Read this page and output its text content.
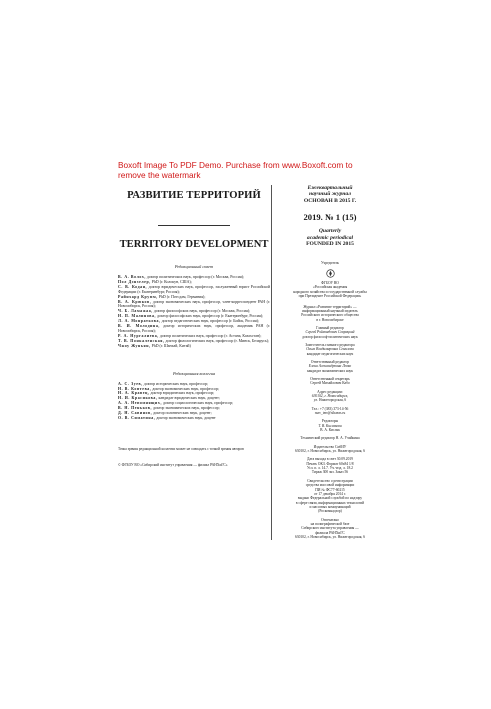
Boxoft Image To PDF Demo. Purchase from www.Boxoft.com to remove the watermark
РАЗВИТИЕ ТЕРРИТОРИЙ
TERRITORY DEVELOPMENT
Редакционный совет
В. А. Волох, доктор политических наук, профессор (г. Москва, Россия);
Пол Дэнзелер, PhD (г. Колокун, США);
С. В. Кодан, доктор юридических наук, профессор, заслуженный юрист Российской Федерации (г. Екатеринбург, Россия);
Райнхард Крумм, PhD (г. Потсдам, Германия);
В. А. Крюков, доктор экономических наук, профессор, член-корреспондент РАН (г. Новосибирск, Россия);
Ч. Б. Ламажаа, доктор философских наук, профессор (г. Москва, Россия);
Н. П. Малинова, доктор философских наук, профессор (г. Екатеринбург, Россия);
Л. А. Монраткова, доктор педагогических наук, профессор (г. Бийск, Россия);
В. И. Молодина, доктор исторических наук, профессор, академик РАН (г. Новосибирск, Россия);
Р. А. Нургалиева, доктор политических наук, профессор (г. Астана, Казахстан);
Т. В. Понкаленская, доктор филологических наук, профессор (г. Минск, Беларусь);
Чжоу Жуньян, PhD (г. Шанхай, Китай)
Редакционная коллегия
А. С. Зуев, доктор исторических наук, профессор;
Н. В. Коптева, доктор экономических наук, профессор;
Н. А. Кравец, доктор юридических наук, профессор;
Н. И. Красикова, кандидат юридических наук, доцент;
А. А. Непомнящих, доктор социологических наук, профессор;
В. Н. Пеньков, доктор экономических наук, профессор;
Д. Н. Савинов, доктор политических наук, доцент;
О. В. Симатина, доктор экономических наук, доцент
Точка зрения редакционной коллегии может не совпадать с точкой зрения авторов
© ФГБОУ ВО «Сибирский институт управления — филиал РАНХиГС»
Ежеквартальный
научный журнал
ОСНОВАН В 2015 Г.
2019. № 1 (15)
Quarterly
academic periodical
FOUNDED IN 2015
Учредитель
ФГБОУ ВО
«Российская академия
народного хозяйства и государственной службы
при Президенте Российской Федерации»
Журнал «Развитие территорий» —
информационный научный издатель
Российского исторического общества
в г. Новосибирске
Главный редактор
Сергей Рэймондович Соврацкий
доктор философ-политических наук
Заместитель главного редактора
Ольга Владимировна Семилова
кандидат педагогических наук
Ответственный редактор
Елена Александровна Левко
кандидат экономических наук
Ответственный секретарь
Сергей Михайлович Кабо
Адрес редакции:
630102, г. Новосибирск,
ул. Нижегородская, 6
Тел.: +7 (383) 373-14-56
razv_terr@sibaeas.ru
Редакторы
Т. В. Кислякова
В. А. Кисляк
Технический редактор Н. А. Учайкина
Издательство СибИУ
630102, г. Новосибирск, ул. Нижегородская, 6
Дата выхода в свет 30.09.2019
Печать ОКЗ. Формат 60х84 1/8
Усл. п. л. 14.7. Уч.-изд. л. 18.2
Тираж 300 экз. Заказ 56
Свидетельство о регистрации
средства массовой информации
ПИ № ФС77-60215
от 17 декабря 2014 г.
выдано Федеральной службой по надзору
в сфере связи, информационных технологий
и массовых коммуникаций
(Роскомнадзор)
Отпечатано
на полиграфической базе
Сибирского института управления —
филиала РАНХиГС
630102, г. Новосибирск, ул. Нижегородская, 6
